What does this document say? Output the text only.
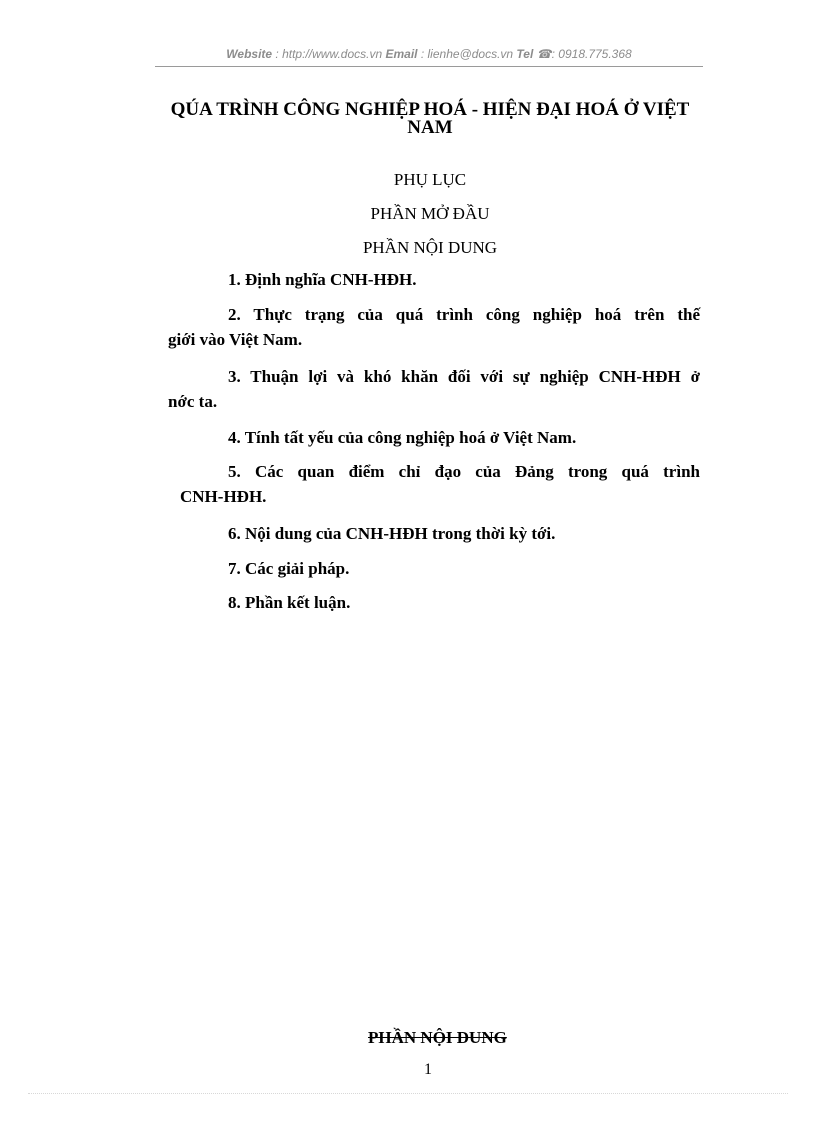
Website : http://www.docs.vn Email : lienhe@docs.vn Tel ☎: 0918.775.368
QÚA TRÌNH CÔNG NGHIỆP HOÁ - HIỆN ĐẠI HOÁ Ở VIỆT NAM
PHỤ LỤC
PHẦN MỞ ĐẦU
PHẦN NỘI DUNG
1. Định nghĩa CNH-HĐH.
2. Thực trạng của quá trình công nghiệp hoá trên thế
giới vào Việt Nam.
3. Thuận lợi và khó khăn đối với sự nghiệp CNH-HĐH ở
nớc ta.
4. Tính tất yếu của công nghiệp hoá ở Việt Nam.
5. Các quan điểm chỉ đạo của Đảng trong quá trình
CNH-HĐH.
6. Nội dung của CNH-HĐH trong thời kỳ tới.
7. Các giải pháp.
8. Phần kết luận.
PHẦN NỘI DUNG
1
